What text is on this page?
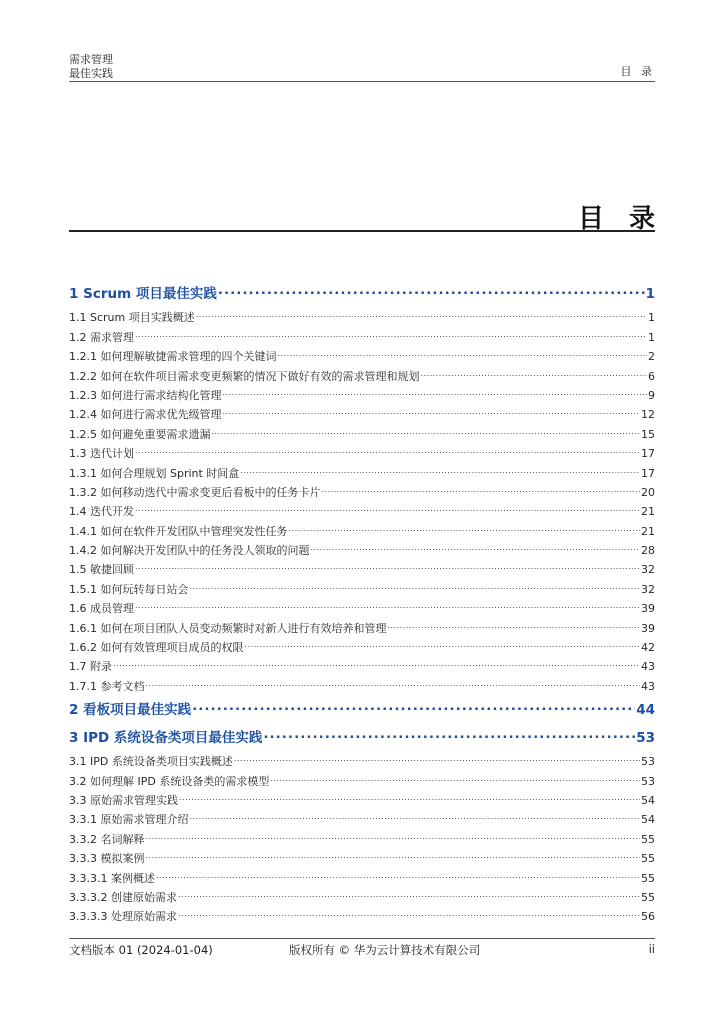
需求管理
最佳实践	目 录
目 录
1 Scrum 项目最佳实践 .....	1
1.1 Scrum 项目实践概述 .....	1
1.2 需求管理 .....	1
1.2.1 如何理解敏捷需求管理的四个关键词 .....	2
1.2.2 如何在软件项目需求变更频繁的情况下做好有效的需求管理和规划 .....	6
1.2.3 如何进行需求结构化管理 .....	9
1.2.4 如何进行需求优先级管理 .....	12
1.2.5 如何避免重要需求遗漏 .....	15
1.3 迭代计划 .....	17
1.3.1 如何合理规划 Sprint 时间盒 .....	17
1.3.2 如何移动迭代中需求变更后看板中的任务卡片 .....	20
1.4 迭代开发 .....	21
1.4.1 如何在软件开发团队中管理突发性任务 .....	21
1.4.2 如何解决开发团队中的任务没人领取的问题 .....	28
1.5 敏捷回顾 .....	32
1.5.1 如何玩转每日站会 .....	32
1.6 成员管理 .....	39
1.6.1 如何在项目团队人员变动频繁时对新人进行有效培养和管理 .....	39
1.6.2 如何有效管理项目成员的权限 .....	42
1.7 附录 .....	43
1.7.1 参考文档 .....	43
2 看板项目最佳实践 .....	44
3 IPD 系统设备类项目最佳实践 .....	53
3.1 IPD 系统设备类项目实践概述 .....	53
3.2 如何理解 IPD 系统设备类的需求模型 .....	53
3.3 原始需求管理实践 .....	54
3.3.1 原始需求管理介绍 .....	54
3.3.2 名词解释 .....	55
3.3.3 模拟案例 .....	55
3.3.3.1 案例概述 .....	55
3.3.3.2 创建原始需求 .....	55
3.3.3.3 处理原始需求 .....	56
文档版本 01 (2024-01-04)	版权所有 © 华为云计算技术有限公司	ii
